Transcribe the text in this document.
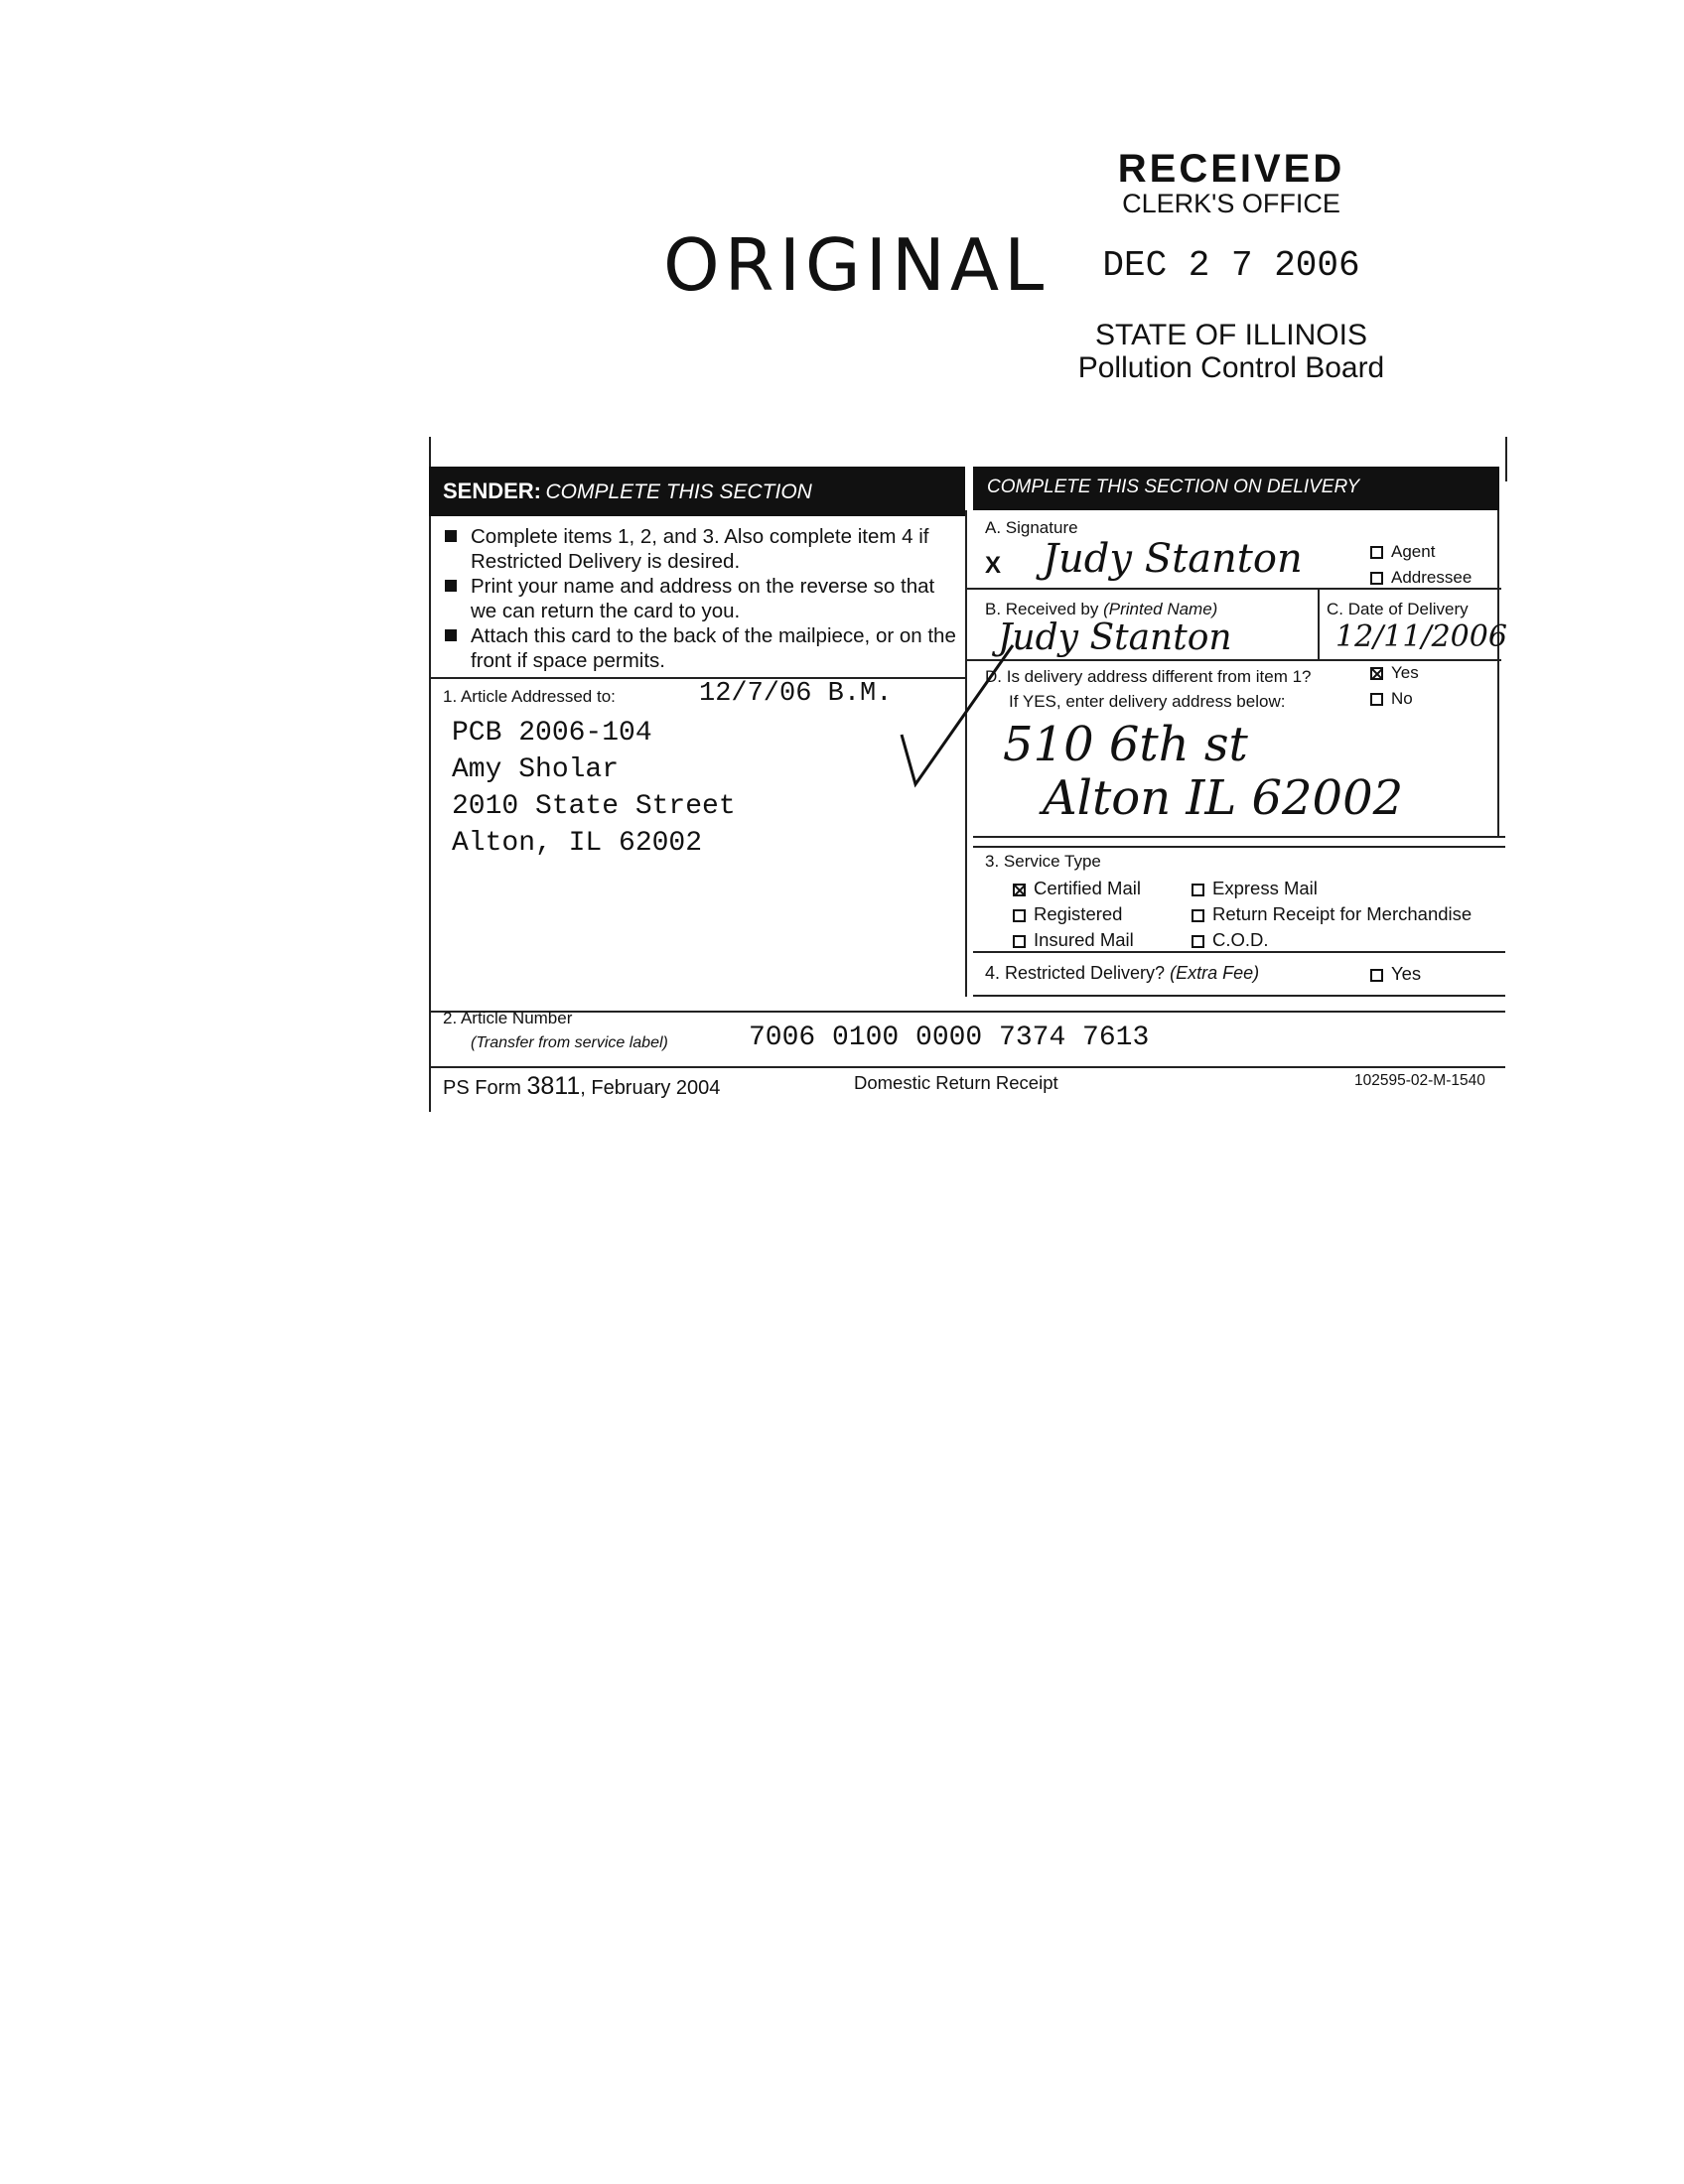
RECEIVED
CLERK'S OFFICE
DEC 2 7 2006
STATE OF ILLINOIS
Pollution Control Board
ORIGINAL
SENDER: COMPLETE THIS SECTION	COMPLETE THIS SECTION ON DELIVERY
Complete items 1, 2, and 3. Also complete item 4 if Restricted Delivery is desired.
Print your name and address on the reverse so that we can return the card to you.
Attach this card to the back of the mailpiece, or on the front if space permits.
1. Article Addressed to:	12/7/06 B.M.
PCB 2006-104
Amy Sholar
2010 State Street
Alton, IL 62002
A. Signature
X Judy Stanton	Agent
Addressee
B. Received by (Printed Name)
Judy Stanton
C. Date of Delivery
12/11/2006
D. Is delivery address different from item 1?	Yes
If YES, enter delivery address below:	No
510 6th st
Alton IL 62002
3. Service Type
Certified Mail	Express Mail
Registered	Return Receipt for Merchandise
Insured Mail	C.O.D.
4. Restricted Delivery? (Extra Fee)	Yes
2. Article Number
(Transfer from service label)	7006 0100 0000 7374 7613
PS Form 3811, February 2004	Domestic Return Receipt	102595-02-M-1540
